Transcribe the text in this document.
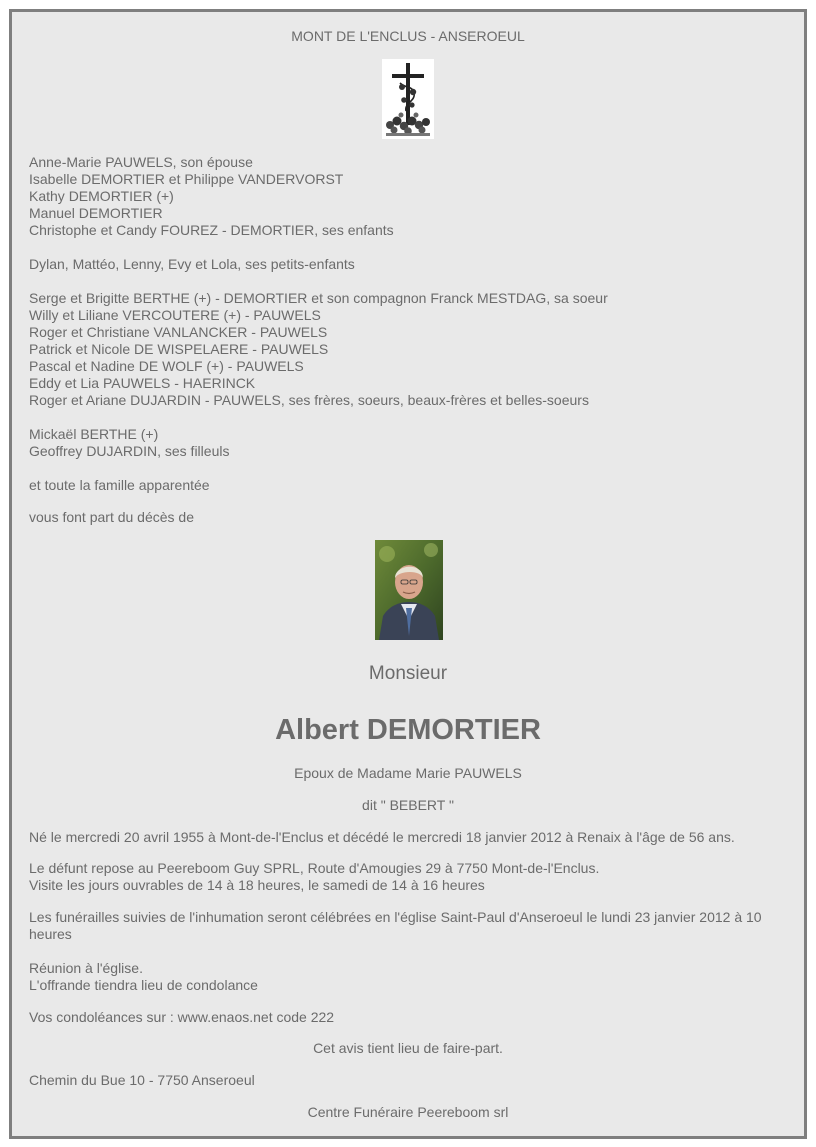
MONT DE L'ENCLUS - ANSEROEUL
Anne-Marie PAUWELS, son épouse
Isabelle DEMORTIER et Philippe VANDERVORST
Kathy DEMORTIER (+)
Manuel DEMORTIER
Christophe et Candy FOUREZ - DEMORTIER, ses enfants
Dylan, Mattéo, Lenny, Evy et Lola, ses petits-enfants
Serge et Brigitte BERTHE (+) - DEMORTIER et son compagnon Franck MESTDAG, sa soeur
Willy et Liliane VERCOUTERE (+) - PAUWELS
Roger et Christiane VANLANCKER - PAUWELS
Patrick et Nicole DE WISPELAERE - PAUWELS
Pascal et Nadine DE WOLF (+) - PAUWELS
Eddy et Lia PAUWELS - HAERINCK
Roger et Ariane DUJARDIN - PAUWELS, ses frères, soeurs, beaux-frères et belles-soeurs
Mickaël BERTHE (+)
Geoffrey DUJARDIN, ses filleuls
et toute la famille apparentée
vous font part du décès de
Monsieur
Albert DEMORTIER
Epoux de Madame Marie PAUWELS
dit " BEBERT "
Né le mercredi 20 avril 1955 à Mont-de-l'Enclus et décédé le mercredi 18 janvier 2012 à Renaix à l'âge de 56 ans.
Le défunt repose au Peereboom Guy SPRL, Route d'Amougies 29 à 7750 Mont-de-l'Enclus.
Visite les jours ouvrables de 14 à 18 heures, le samedi de 14 à 16 heures
Les funérailles suivies de l'inhumation seront célébrées en l'église Saint-Paul d'Anseroeul le lundi 23 janvier 2012 à 10 heures
Réunion à l'église.
L'offrande tiendra lieu de condolance
Vos condoléances sur : www.enaos.net code 222
Cet avis tient lieu de faire-part.
Chemin du Bue 10 - 7750 Anseroeul
Centre Funéraire Peereboom srl
